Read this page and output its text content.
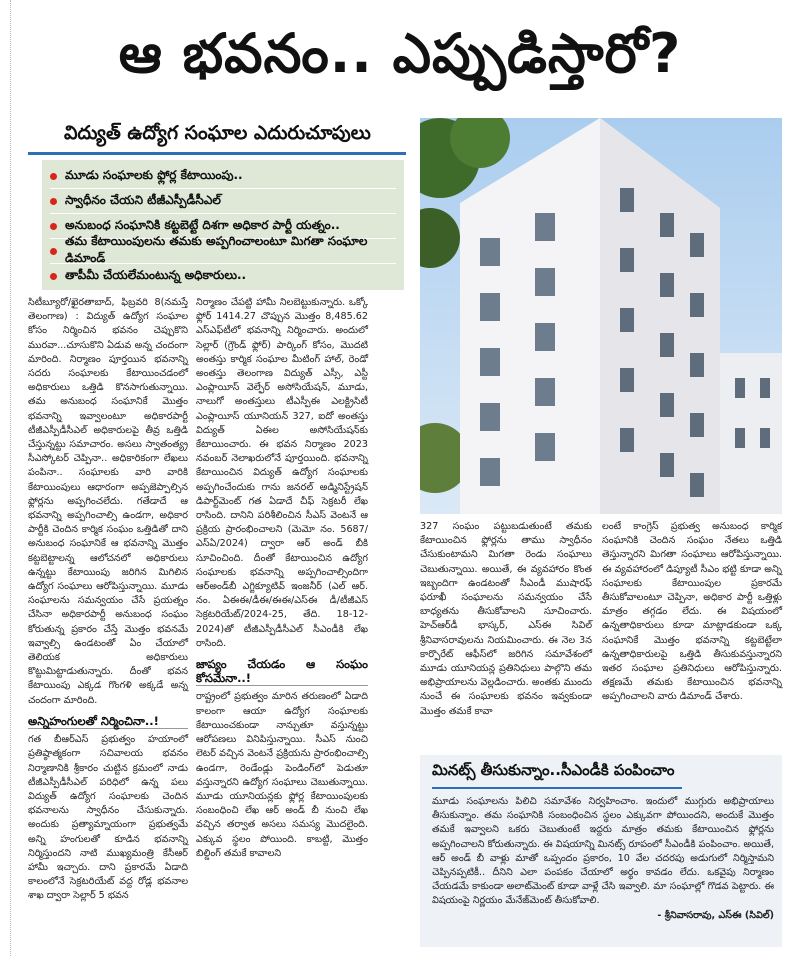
ఆ భవనం.. ఎప్పుడిస్తారో?
విద్యుత్‌ ఉద్యోగ సంఘాల ఎదురుచూపులు
మూడు సంఘాలకు ఫ్లోర్ల కేటాయింపు..
స్వాధీనం చేయని టీజీఎస్పీడీసీఎల్‌
అనుబంధ సంఘానికి కట్టబెట్టే దిశగా అధికార పార్టీ యత్నం..
తమ కేటాయింపులను తమకు అప్పగించాలంటూ మిగతా సంఘాల డిమాండ్‌
తాపీమీ చేయలేమంటున్న అధికారులు..

సిటీబ్యూరో/ఖైరతాబాద్‌, ఫిబ్రవరి 8(నమస్తే తెలంగాణ) : విద్యుత్‌ ఉద్యోగ సంఘాల కోసం నిర్మించిన భవనం చెప్పుకొని మురవా...చూసుకొని ఏడువ అన్న చందంగా మారింది. నిర్మాణం పూర్తయిన భవనాన్ని సదరు సంఘాలకు కేటాయించడంలో అధికారులు ఒత్తిడి కొనసాగుతున్నాయి. తమ అనుబంధ సంఘానికే మొత్తం భవనాన్ని ఇవ్వాలంటూ అధికారపార్టీ టీజీఎస్పీడీసీఎల్‌ అధికారులపై తీవ్ర ఒత్తిడి చేస్తున్నట్టు సమాచారం. అసలు స్వాతంత్య్ర సీఎస్కోటర్‌ చెప్పినా.. అధికారికంగా లేఖలు పంపినా.. సంఘాలకు వారి వారికి కేటాయింపులు ఆధారంగా అప్పజెప్పాల్సిన ఫ్లోర్లను అప్పగించలేదు. గతేడాదే ఆ భవనాన్ని అప్పగించాల్సి ఉండగా, అధికార పార్టీకి చెందిన కార్మిక సంఘం ఒత్తిడితో దాని అనుబంధ సంఘానికే ఆ భవనాన్ని మొత్తం కట్టబెట్టాలన్న ఆలోచనలో అధికారులు ఉన్నట్టు కేటాయింపు జరిగిన మిగిలిన ఉద్యోగ సంఘాలు ఆరోపిస్తున్నాయి. మూడు సంఘాలను సమన్వయం చేసే ప్రయత్నం చేసినా అధికారపార్టీ అనుబంధ సంఘం కోరుతున్న ప్రకారం చేస్తే మొత్తం భవనమే ఇవ్వాల్సి ఉండటంతో ఏం చేయాలో తెలియక అధికారులు కొట్టుమిట్టాడుతున్నారు. దీంతో భవన కేటాయింపు ఎక్కడ గొంగళి అక్కడే అన్న చందంగా మారింది.

అన్నిహంగులతో నిర్మించినా..!

గత బీఆర్‌ఎస్‌ ప్రభుత్వం హయాంలో ప్రతిష్ఠాత్మకంగా సచివాలయ భవనం నిర్మాణానికి శ్రీకారం చుట్టిన క్రమంలో నాడు టీజీఎస్పీడీసీఎల్‌ పరిధిలో ఉన్న పలు విద్యుత్‌ ఉద్యోగ సంఘాలకు చెందిన భవనాలను స్వాధీనం చేసుకున్నారు. అందుకు ప్రత్యామ్నాయంగా ప్రభుత్వమే అన్ని హంగులతో కూడిన భవనాన్ని నిర్మిస్తుందని నాటి ముఖ్యమంత్రి కేసీఆర్‌ హామీ ఇచ్చారు. దాని ప్రకారమే ఏడాది కాలంలోనే సెక్రటరియేట్‌ వద్ద రోడ్ల భవనాల శాఖ ద్వారా సెల్లార్‌ 5 భవన

నిర్మాణం చేపట్టి హామీ నిలబెట్టుకున్నారు. ఒక్కో ఫ్లోర్‌ 1414.27 చొప్పున మొత్తం 8,485.62 ఎస్‌ఎఫ్‌టీలో భవనాన్ని నిర్మించారు. అందులో సెల్లార్‌ (గ్రౌండ్‌ ఫ్లోర్‌) పార్కింగ్‌ కోసం, మొదటి అంతస్తు కార్మిక సంఘాల మీటింగ్‌ హాల్‌, రెండో అంతస్తు తెలంగాణ విద్యుత్‌ ఎస్సీ, ఎస్టీ ఎంప్లాయీస్‌ వెల్ఫేర్‌ అసోసియేషన్‌, మూడు, నాలుగో అంతస్తులు టీఎస్పీఈ ఎలక్ట్రిసిటీ ఎంప్లాయీస్‌ యూనియన్‌ 327, ఐదో అంతస్తు విద్యుత్‌ ఏఈల అసోసియేషన్‌కు కేటాయించారు. ఈ భవన నిర్మాణం 2023 నవంబర్‌ నెలాఖరులోనే పూర్తయింది. భవనాన్ని కేటాయించిన విద్యుత్‌ ఉద్యోగ సంఘాలకు అప్పగించేందుకు గాను జనరల్‌ అడ్మినిస్ట్రేషన్‌ డిపార్ట్‌మెంట్‌ గత ఏడాదే చీఫ్‌ సెక్రటరీ లేఖ రాసింది. దానిని పరిశీలించిన సీఎస్‌ వెంటనే ఆ ప్రక్రియ ప్రారంభించాలని (మెమో నం. 5687/ఎస్‌ఏ/2024) ద్వారా ఆర్‌ అండ్‌ బీకి సూచించింది. దీంతో కేటాయించిన ఉద్యోగ సంఘాలకు భవనాన్ని అప్పగించాల్సిందిగా ఆర్‌అండ్‌బీ ఎగ్జిక్యూటివ్‌ ఇంజనీర్‌ (ఎల్‌ ఆర్‌. నం. ఏఈఈ/డీఈ/ఈఈ/ఎస్‌ఈ డీ/టీజీఎస్‌ సెక్రటరియేట్‌/2024-25, తేది. 18-12-2024)తో టీజీఎస్పీడీసీఎల్‌ సీఎండీకి లేఖ రాసింది.

జాప్యం చేయడం ఆ సంఘం కోసమేనా..!

రాష్ట్రంలో ప్రభుత్వం మారిన తరుణంలో ఏడాది కాలంగా ఆయా ఉద్యోగ సంఘాలకు కేటాయించకుండా నాన్చుతూ వస్తున్నట్టు ఆరోపణలు వినిపిస్తున్నాయి. సీఎస్‌ నుంచి లెటర్‌ వచ్చిన వెంటనే ప్రక్రియను ప్రారంభించాల్సి ఉండగా, రెండేండ్లు పెండింగ్‌లో పెడుతూ వస్తున్నారని ఉద్యోగ సంఘాలు చెబుతున్నాయి. మూడు యూనియన్లకు ఫ్లోర్ల కేటాయింపులకు సంబంధించి లేఖ ఆర్‌ అండ్‌ బీ నుంచి లేఖ వచ్చిన తర్వాత అసలు సమస్య మొదలైంది. ఎక్కువ స్థలం పోయింది. కాబట్టి, మొత్తం బిల్డింగ్‌ తమకే కావాలని

327 సంఘం పట్టుబడుతుంటే తమకు కేటాయించిన ఫ్లోర్లను తాము స్వాధీనం చేసుకుంటామని మిగతా రెండు సంఘాలు చెబుతున్నాయి. అయితే, ఈ వ్యవహారం కొంత ఇబ్బందిగా ఉండటంతో సీఎండీ ముషారఫ్‌ ఫరూఖీ సంఘాలను సమన్వయం చేసే బాధ్యతను తీసుకోవాలని సూచించారు. హెచ్‌ఆర్‌డీ భాస్కర్‌, ఎస్‌ఈ సివిల్‌ శ్రీనివాసరావులను నియమించారు. ఈ నెల 3న కార్పొరేట్‌ ఆఫీస్‌లో జరిగిన సమావేశంలో మూడు యూనియన్ల ప్రతినిధులు పాల్గొని తమ అభిప్రాయాలను వెల్లడించారు. అంతకు ముందు నుంచే ఈ సంఘాలకు భవనం ఇవ్వకుండా మొత్తం తమకే కావా

లంటే కాంగ్రెస్‌ ప్రభుత్వ అనుబంధ కార్మిక సంఘానికి చెందిన సంఘం నేతలు ఒత్తిడి తెస్తున్నారని మిగతా సంఘాలు ఆరోపిస్తున్నాయి. ఈ వ్యవహారంలో డిప్యూటీ సీఎం భట్టి కూడా అన్ని సంఘాలకు కేటాయింపుల ప్రకారమే తీసుకోవాలంటూ చెప్పినా, అధికార పార్టీ ఒత్తిళ్లు మాత్రం తగ్గడం లేదు. ఈ విషయంలో ఉన్నతాధికారులు కూడా మాట్లాడకుండా ఒక్క సంఘానికే మొత్తం భవనాన్ని కట్టబెట్టేలా ఉన్నతాధికారులపై ఒత్తిడి తీసుకువస్తున్నారని ఇతర సంఘాల ప్రతినిధులు ఆరోపిస్తున్నారు. తక్షణమే తమకు కేటాయించిన భవనాన్ని అప్పగించాలని వారు డిమాండ్‌ చేశారు.

మినట్స్‌ తీసుకున్నాం..సీఎండీకి పంపించాం
మూడు సంఘాలను పిలిచి సమావేశం నిర్వహించాం. ఇందులో ముగ్గురు అభిప్రాయాలు తీసుకున్నాం. తమ సంఘానికి సంబంధించిన స్థలం ఎక్కువగా పోయిందని, అందుకే మొత్తం తమకే ఇవ్వాలని ఒకరు చెబుతుంటే ఇద్దరు మాత్రం తమకు కేటాయించిన ఫ్లోర్లను అప్పగించాలని కోరుతున్నారు. ఈ విషయాన్ని మినట్స్‌ రూపంలో సీఎండీకి పంపించాం. అయితే, ఆర్‌ అండ్‌ బీ వాళ్లు మాతో ఒప్పందం ప్రకారం, 10 వేల చదరపు అడుగులో నిర్మిస్తామని చెప్పినప్పటికీ.. దీనిని ఎలా పంపకం చేయాలో అర్థం కావడం లేదు. ఒకవైపు నిర్మాణం చేయడమే కాకుండా అలాట్‌మెంట్‌ కూడా వాళ్లే చేసి ఇవ్వాలి. మా సంఘాల్లో గొడవ పెట్టారు. ఈ విషయంపై నిర్ణయం మేనేజ్‌మెంట్‌ తీసుకోవాలి.
- శ్రీనివాసరావు, ఎస్‌ఈ (సివిల్‌)
